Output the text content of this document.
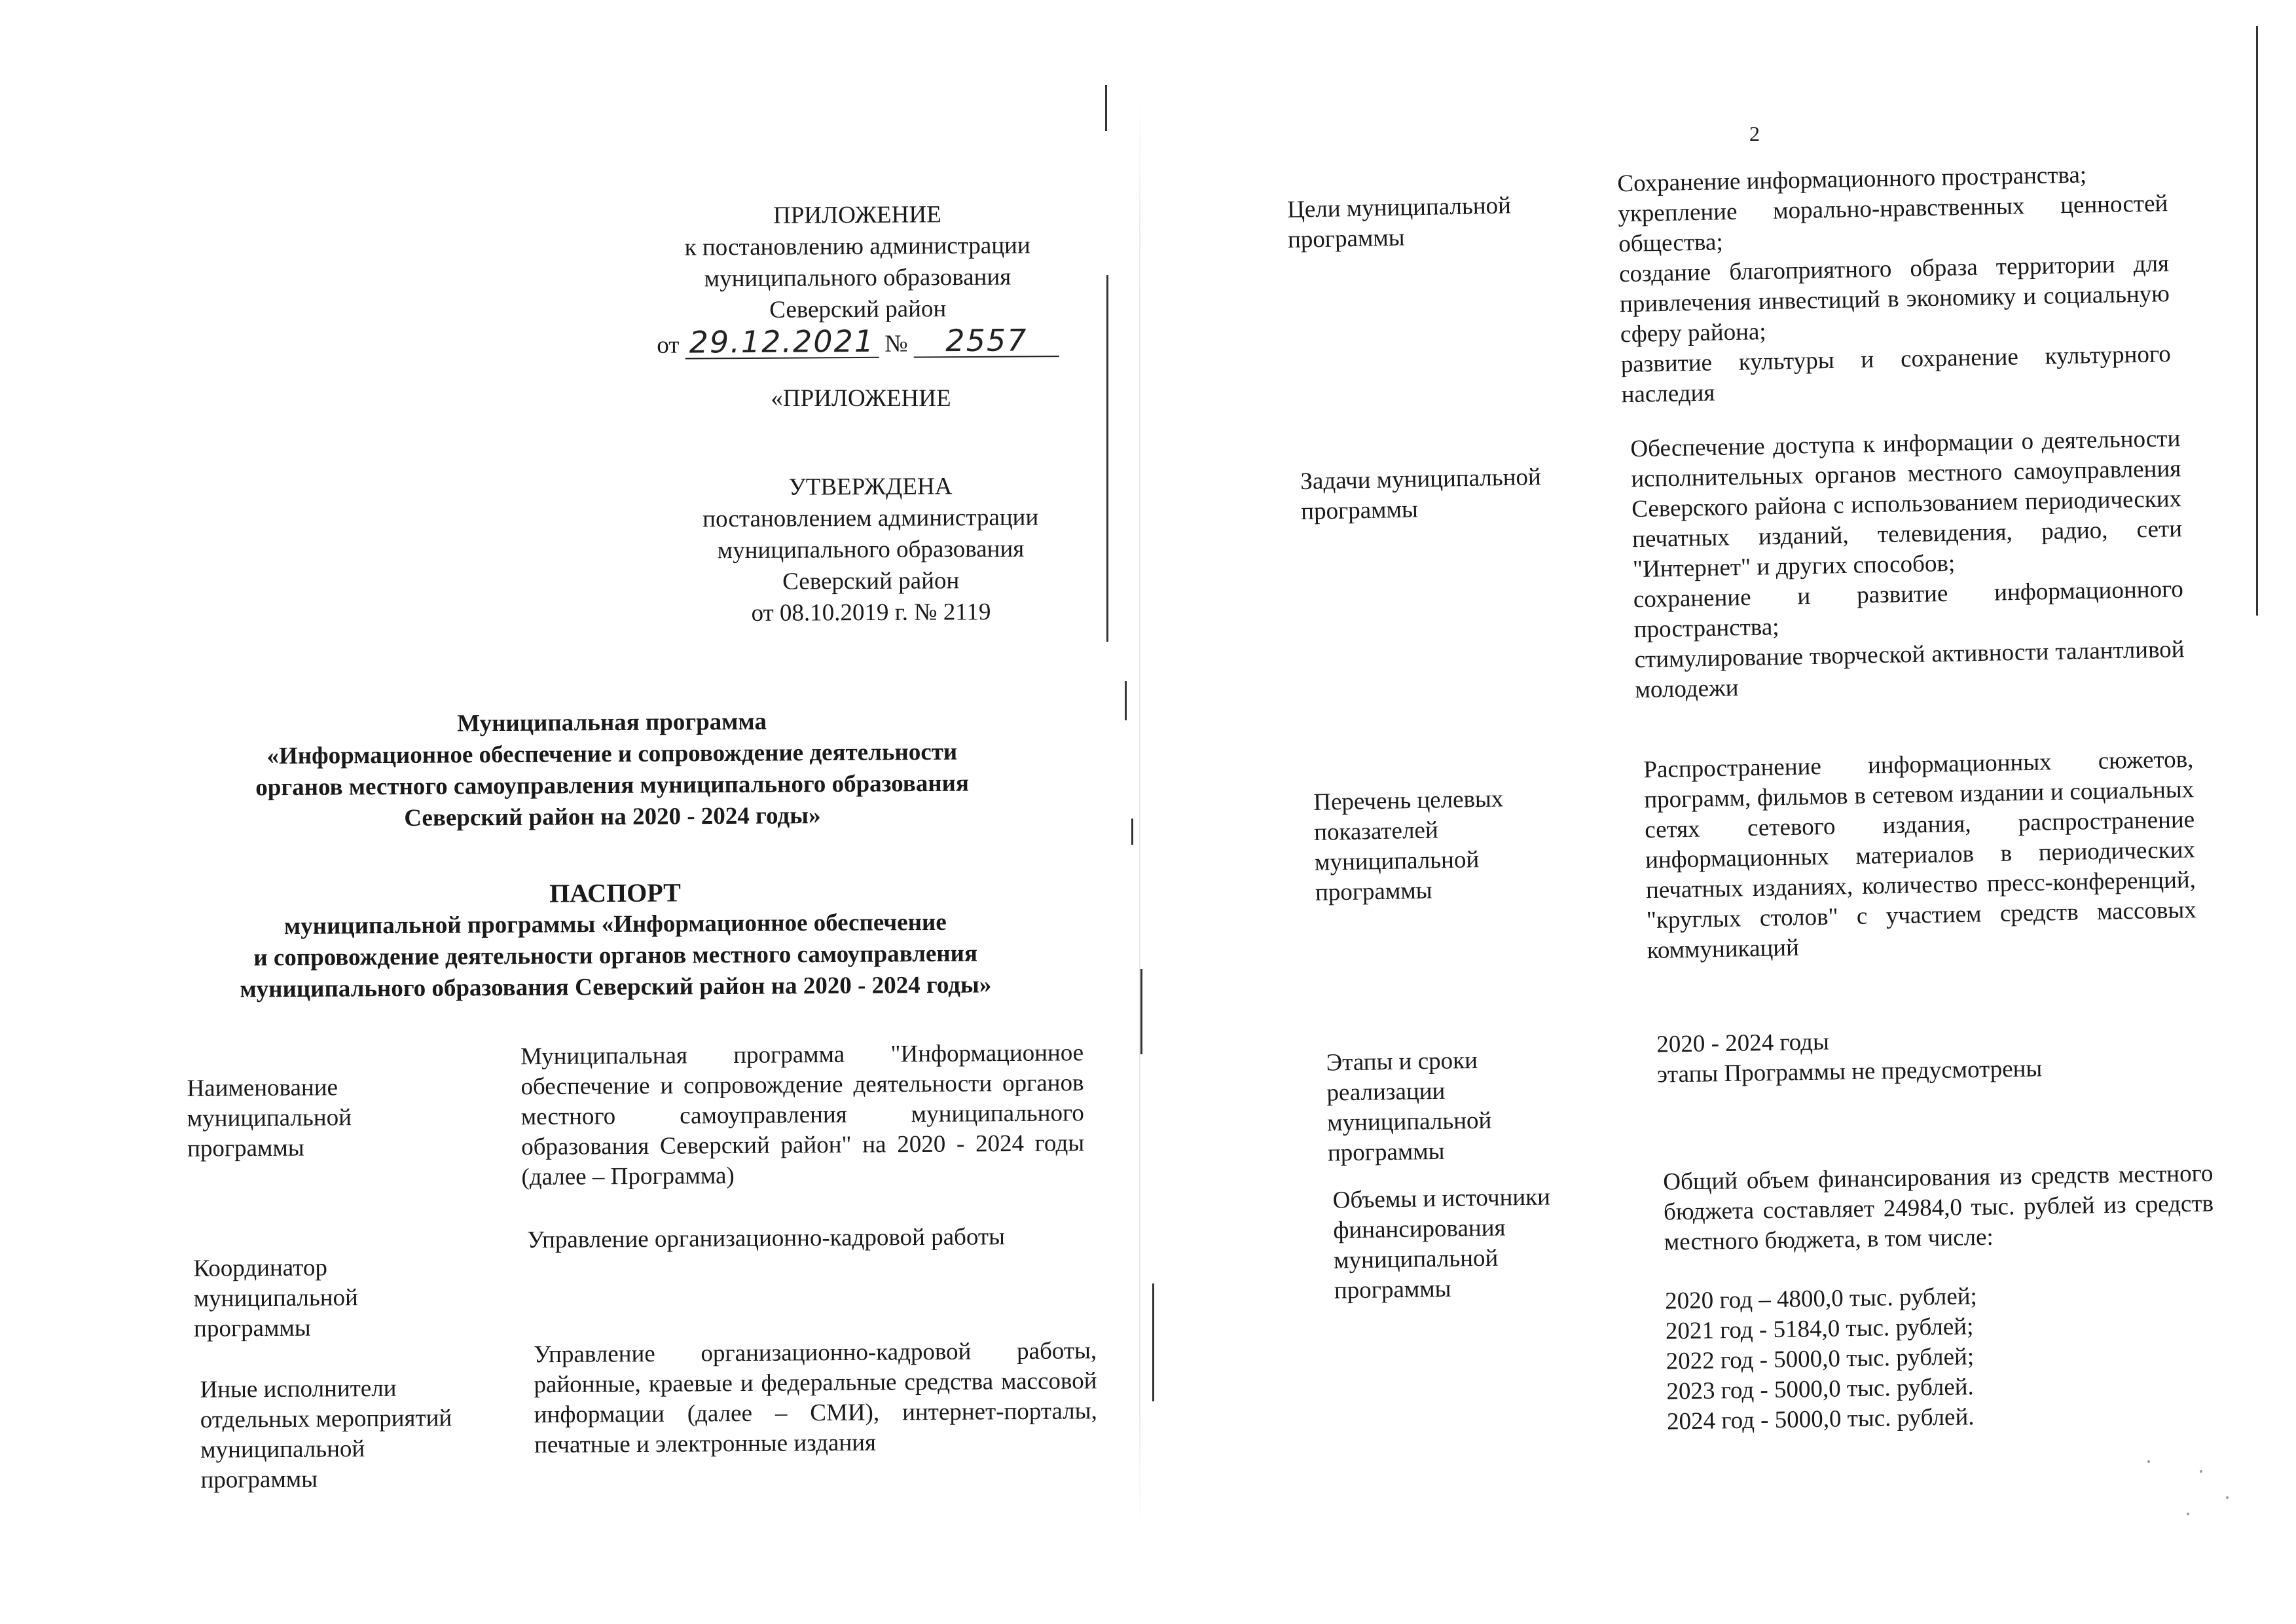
ПРИЛОЖЕНИЕ
к постановлению администрации
муниципального образования
Северский район
от 29.12.2021 № 2557
«ПРИЛОЖЕНИЕ
УТВЕРЖДЕНА
постановлением администрации
муниципального образования
Северский район
от 08.10.2019 г. № 2119
Муниципальная программа
«Информационное обеспечение и сопровождение деятельности
органов местного самоуправления муниципального образования
Северский район на 2020 - 2024 годы»
ПАСПОРТ
муниципальной программы «Информационное обеспечение
и сопровождение деятельности органов местного самоуправления
муниципального образования Северский район на 2020 - 2024 годы»
Наименование
муниципальной
программы
Муниципальная программа "Информационное обеспечение и сопровождение деятельности органов местного самоуправления муниципального образования Северский район" на 2020 - 2024 годы (далее – Программа)
Координатор
муниципальной
программы
Управление организационно-кадровой работы
Иные исполнители
отдельных мероприятий
муниципальной
программы
Управление организационно-кадровой работы, районные, краевые и федеральные средства массовой информации (далее – СМИ), интернет-порталы, печатные и электронные издания
2
Цели муниципальной
программы
Сохранение информационного пространства;
укрепление морально-нравственных ценностей общества;
создание благоприятного образа территории для привлечения инвестиций в экономику и социальную сферу района;
развитие культуры и сохранение культурного наследия
Задачи муниципальной
программы
Обеспечение доступа к информации о деятельности исполнительных органов местного самоуправления Северского района с использованием периодических печатных изданий, телевидения, радио, сети "Интернет" и других способов;
сохранение и развитие информационного пространства;
стимулирование творческой активности талантливой молодежи
Перечень целевых
показателей
муниципальной
программы
Распространение информационных сюжетов, программ, фильмов в сетевом издании и социальных сетях сетевого издания, распространение информационных материалов в периодических печатных изданиях, количество пресс-конференций, "круглых столов" с участием средств массовых коммуникаций
Этапы и сроки
реализации
муниципальной
программы
2020 - 2024 годы
этапы Программы не предусмотрены
Объемы и источники
финансирования
муниципальной
программы
Общий объем финансирования из средств местного бюджета составляет 24984,0 тыс. рублей из средств местного бюджета, в том числе:
2020 год – 4800,0 тыс. рублей;
2021 год - 5184,0 тыс. рублей;
2022 год - 5000,0 тыс. рублей;
2023 год - 5000,0 тыс. рублей.
2024 год - 5000,0 тыс. рублей.
